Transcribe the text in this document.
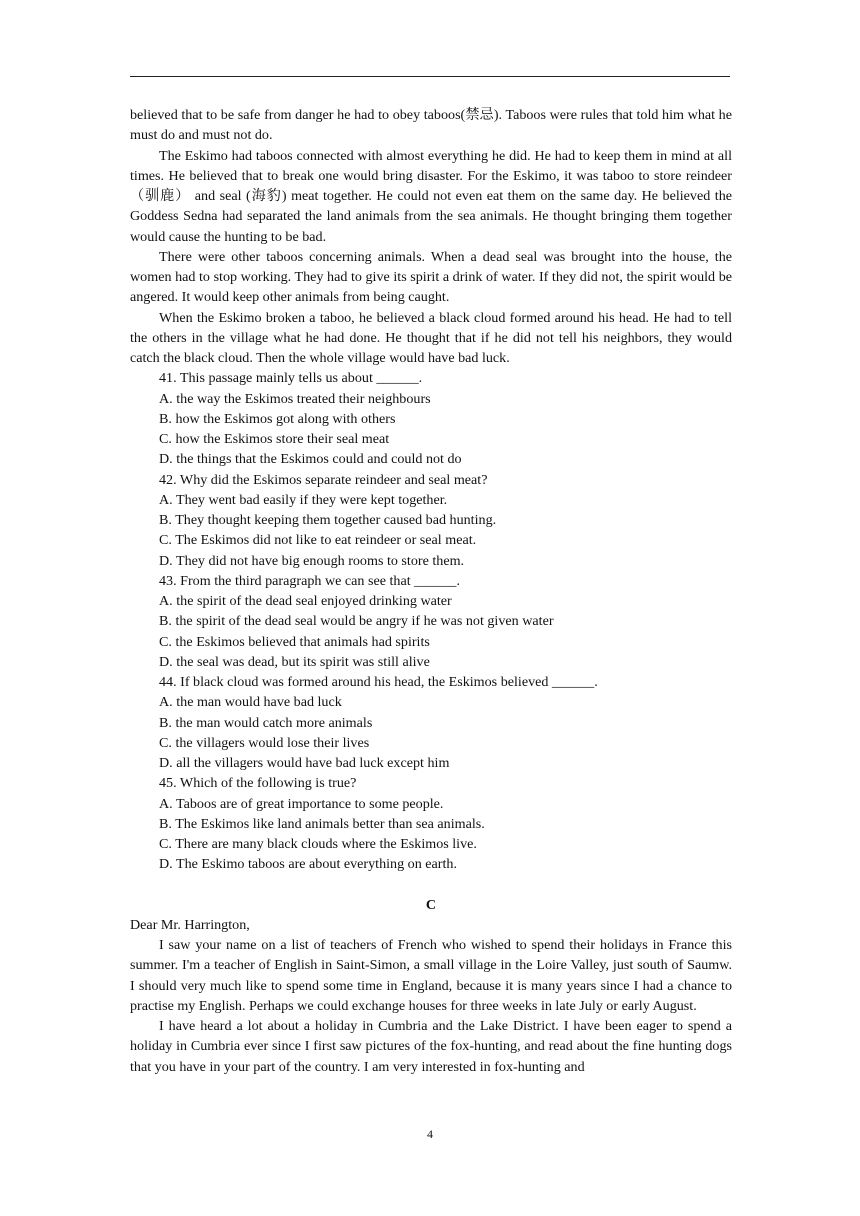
believed that to be safe from danger he had to obey taboos(禁忌). Taboos were rules that told him what he must do and must not do.

The Eskimo had taboos connected with almost everything he did. He had to keep them in mind at all times. He believed that to break one would bring disaster. For the Eskimo, it was taboo to store reindeer（驯鹿） and seal (海豹) meat together. He could not even eat them on the same day. He believed the Goddess Sedna had separated the land animals from the sea animals. He thought bringing them together would cause the hunting to be bad.

There were other taboos concerning animals. When a dead seal was brought into the house, the women had to stop working. They had to give its spirit a drink of water. If they did not, the spirit would be angered. It would keep other animals from being caught.

When the Eskimo broken a taboo, he believed a black cloud formed around his head. He had to tell the others in the village what he had done. He thought that if he did not tell his neighbors, they would catch the black cloud. Then the whole village would have bad luck.

41. This passage mainly tells us about ______.

A. the way the Eskimos treated their neighbours

B. how the Eskimos got along with others

C. how the Eskimos store their seal meat

D. the things that the Eskimos could and could not do

42. Why did the Eskimos separate reindeer and seal meat?

A. They went bad easily if they were kept together.

B. They thought keeping them together caused bad hunting.

C. The Eskimos did not like to eat reindeer or seal meat.

D. They did not have big enough rooms to store them.

43. From the third paragraph we can see that ______.

A. the spirit of the dead seal enjoyed drinking water

B. the spirit of the dead seal would be angry if he was not given water

C. the Eskimos believed that animals had spirits

D. the seal was dead, but its spirit was still alive

44. If black cloud was formed around his head, the Eskimos believed ______.

A. the man would have bad luck

B. the man would catch more animals

C. the villagers would lose their lives

D. all the villagers would have bad luck except him

45. Which of the following is true?

A. Taboos are of great importance to some people.

B. The Eskimos like land animals better than sea animals.

C. There are many black clouds where the Eskimos live.

D. The Eskimo taboos are about everything on earth.

C

Dear Mr. Harrington,

I saw your name on a list of teachers of French who wished to spend their holidays in France this summer. I'm a teacher of English in Saint-Simon, a small village in the Loire Valley, just south of Saumw. I should very much like to spend some time in England, because it is many years since I had a chance to practise my English. Perhaps we could exchange houses for three weeks in late July or early August.

I have heard a lot about a holiday in Cumbria and the Lake District. I have been eager to spend a holiday in Cumbria ever since I first saw pictures of the fox-hunting, and read about the fine hunting dogs that you have in your part of the country. I am very interested in fox-hunting and

4
